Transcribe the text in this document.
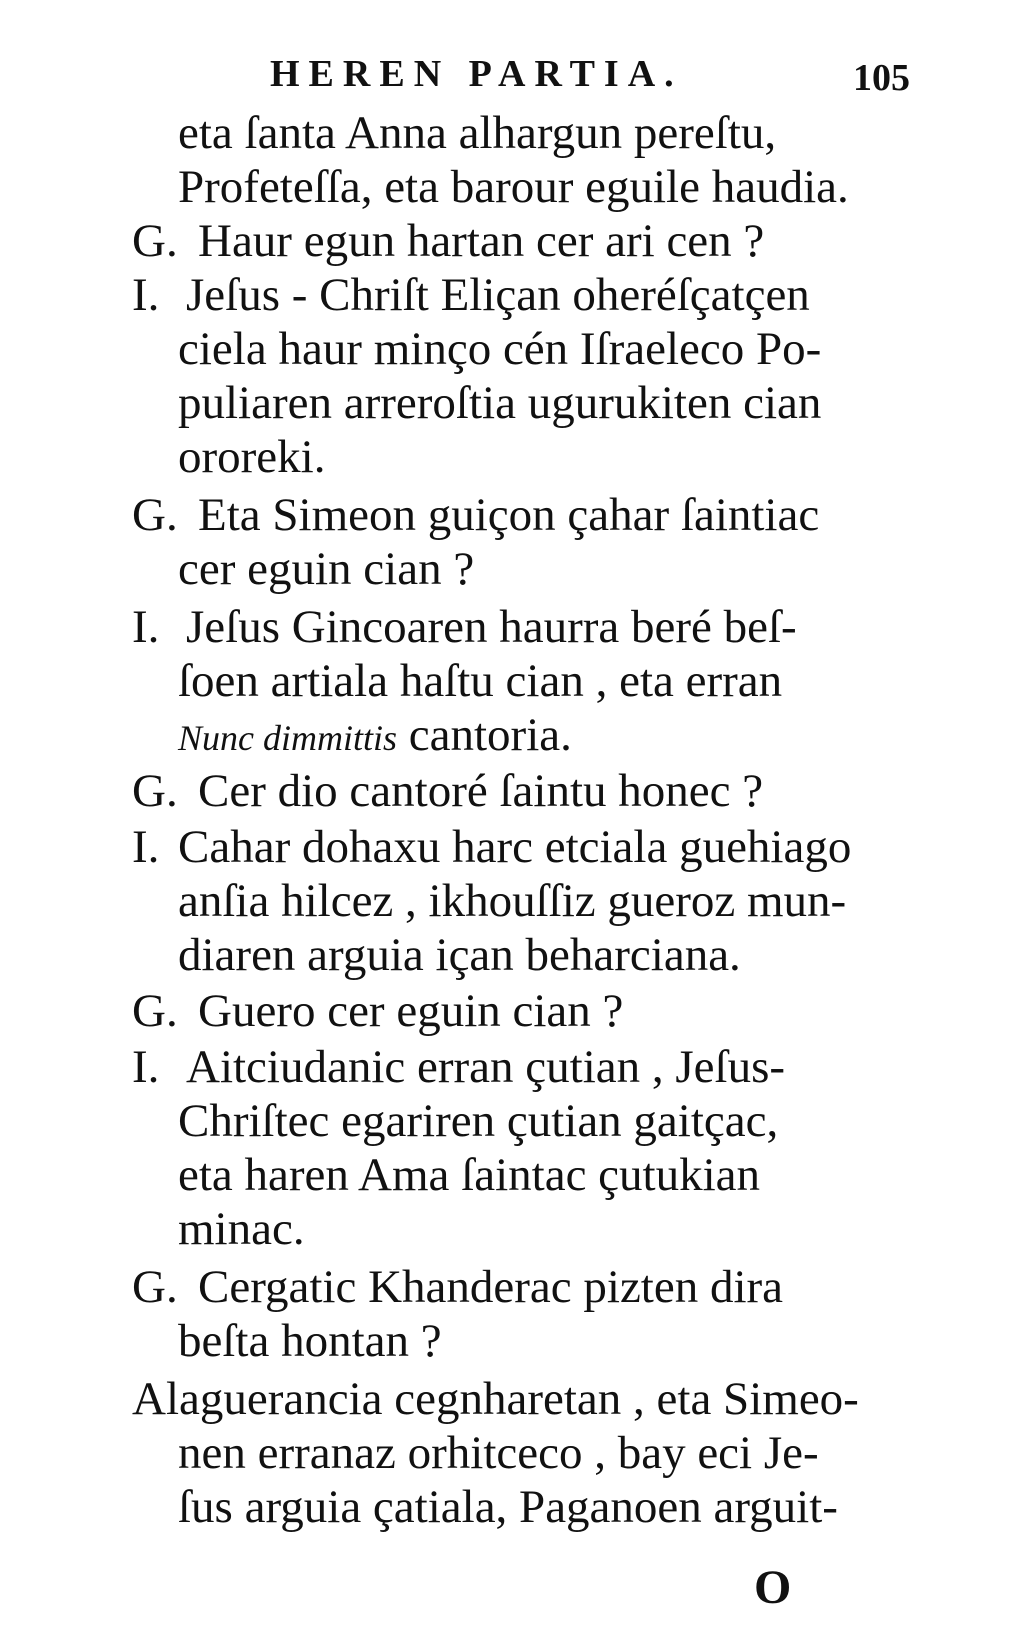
HEREN PARTIA.	105
eta ſanta Anna alhargun pereſtu,
Profeteſſa, eta barour eguile haudia.
G. Haur egun hartan cer ari cen ?
I. Jeſus - Chriſt Eliçan oheréſçatçen
ciela haur minço cén Iſraeleco Po-
puliaren arreroſtia ugurukiten cian
ororeki.
G. Eta Simeon guiçon çahar ſaintiac
cer eguin cian ?
I. Jeſus Gincoaren haurra beré beſ-
ſoen artiala haſtu cian , eta erran
Nunc dimmittis cantoria.
G. Cer dio cantoré ſaintu honec ?
I. Cahar dohaxu harc etciala guehiago
anſia hilcez , ikhouſſiz gueroz mun-
diaren arguia içan beharciana.
G. Guero cer eguin cian ?
I. Aitciudanic erran çutian , Jeſus-
Chriſtec egariren çutian gaitçac,
eta haren Ama ſaintac çutukian
minac.
G. Cergatic Khanderac pizten dira
beſta hontan ?
Alaguerancia cegnharetan , eta Simeo-
nen erranaz orhitceco , bay eci Je-
ſus arguia çatiala, Paganoen arguit-
O
